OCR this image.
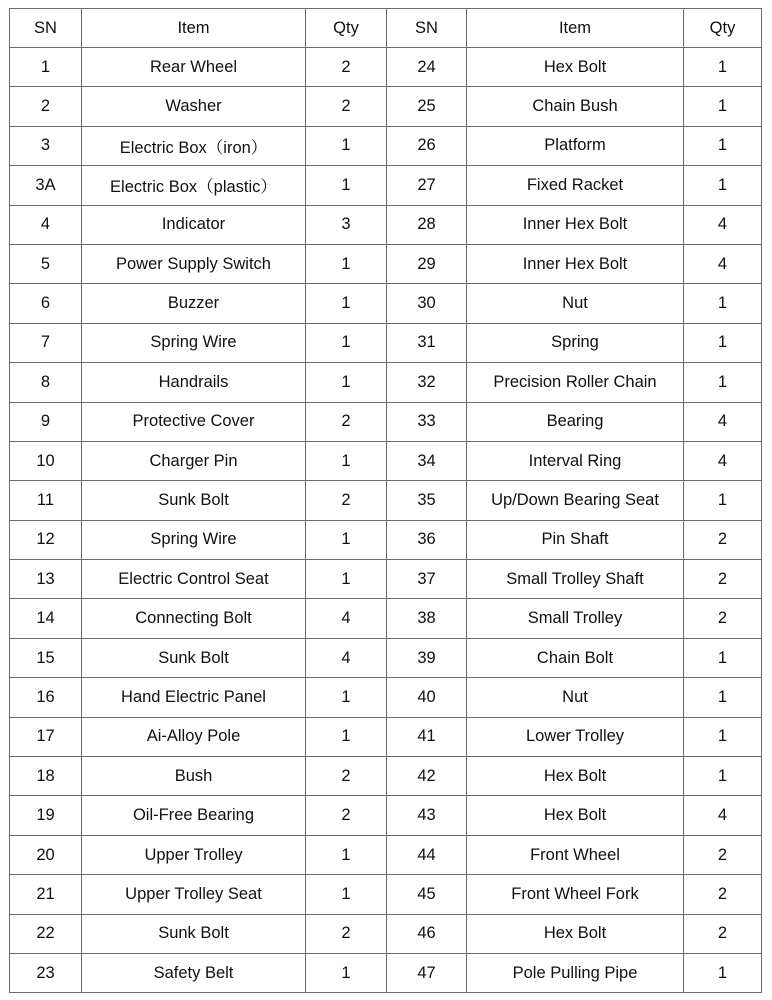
SN	Item	Qty	SN	Item	Qty
1	Rear Wheel	2	24	Hex Bolt	1
2	Washer	2	25	Chain Bush	1
3	Electric Box（iron）	1	26	Platform	1
3A	Electric Box（plastic）	1	27	Fixed Racket	1
4	Indicator	3	28	Inner Hex Bolt	4
5	Power Supply Switch	1	29	Inner Hex Bolt	4
6	Buzzer	1	30	Nut	1
7	Spring Wire	1	31	Spring	1
8	Handrails	1	32	Precision Roller Chain	1
9	Protective Cover	2	33	Bearing	4
10	Charger Pin	1	34	Interval Ring	4
11	Sunk Bolt	2	35	Up/Down Bearing Seat	1
12	Spring Wire	1	36	Pin Shaft	2
13	Electric Control Seat	1	37	Small Trolley Shaft	2
14	Connecting Bolt	4	38	Small Trolley	2
15	Sunk Bolt	4	39	Chain Bolt	1
16	Hand Electric Panel	1	40	Nut	1
17	Ai-Alloy Pole	1	41	Lower Trolley	1
18	Bush	2	42	Hex Bolt	1
19	Oil-Free Bearing	2	43	Hex Bolt	4
20	Upper Trolley	1	44	Front Wheel	2
21	Upper Trolley Seat	1	45	Front Wheel Fork	2
22	Sunk Bolt	2	46	Hex Bolt	2
23	Safety Belt	1	47	Pole Pulling Pipe	1
